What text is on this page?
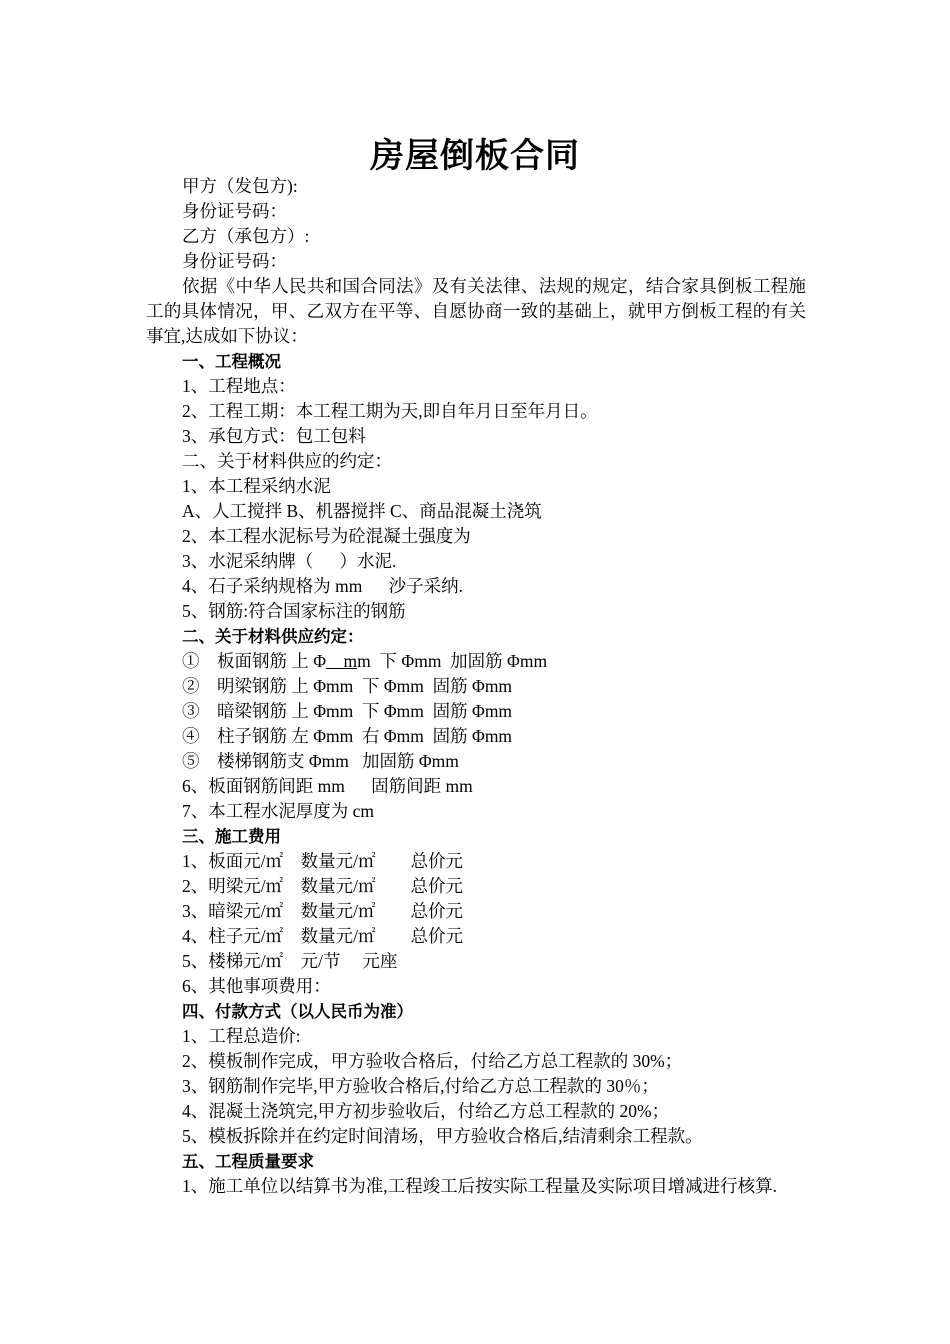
房屋倒板合同
甲方（发包方):
身份证号码：
乙方（承包方）:
身份证号码：
依据《中华人民共和国合同法》及有关法律、法规的规定，结合家具倒板工程施工的具体情况，甲、乙双方在平等、自愿协商一致的基础上，就甲方倒板工程的有关事宜,达成如下协议：
一、工程概况
1、工程地点：
2、工程工期：本工程工期为天,即自年月日至年月日。
3、承包方式：包工包料
二、关于材料供应的约定：
1、本工程采纳水泥
A、人工搅拌 B、机器搅拌 C、商品混凝土浇筑
2、本工程水泥标号为砼混凝土强度为
3、水泥采纳牌（      ）水泥.
4、石子采纳规格为 mm      沙子采纳.
5、钢筋:符合国家标注的钢筋
二、关于材料供应约定：
①    板面钢筋 上 Φ    mm  下 Φmm  加固筋 Φmm
②    明梁钢筋 上 Φmm  下 Φmm  固筋 Φmm
③    暗梁钢筋 上 Φmm  下 Φmm  固筋 Φmm
④    柱子钢筋 左 Φmm  右 Φmm  固筋 Φmm
⑤    楼梯钢筋支 Φmm   加固筋 Φmm
6、板面钢筋间距 mm      固筋间距 mm
7、本工程水泥厚度为 cm
三、施工费用
1、板面元/㎡    数量元/㎡        总价元
2、明梁元/㎡    数量元/㎡        总价元
3、暗梁元/㎡    数量元/㎡        总价元
4、柱子元/㎡    数量元/㎡        总价元
5、楼梯元/㎡    元/节     元座
6、其他事项费用：
四、付款方式（以人民币为准）
1、工程总造价:
2、模板制作完成，甲方验收合格后，付给乙方总工程款的 30%；
3、钢筋制作完毕,甲方验收合格后,付给乙方总工程款的 30％；
4、混凝土浇筑完,甲方初步验收后，付给乙方总工程款的 20%；
5、模板拆除并在约定时间清场，甲方验收合格后,结清剩余工程款。
五、工程质量要求
1、施工单位以结算书为准,工程竣工后按实际工程量及实际项目增减进行核算.
